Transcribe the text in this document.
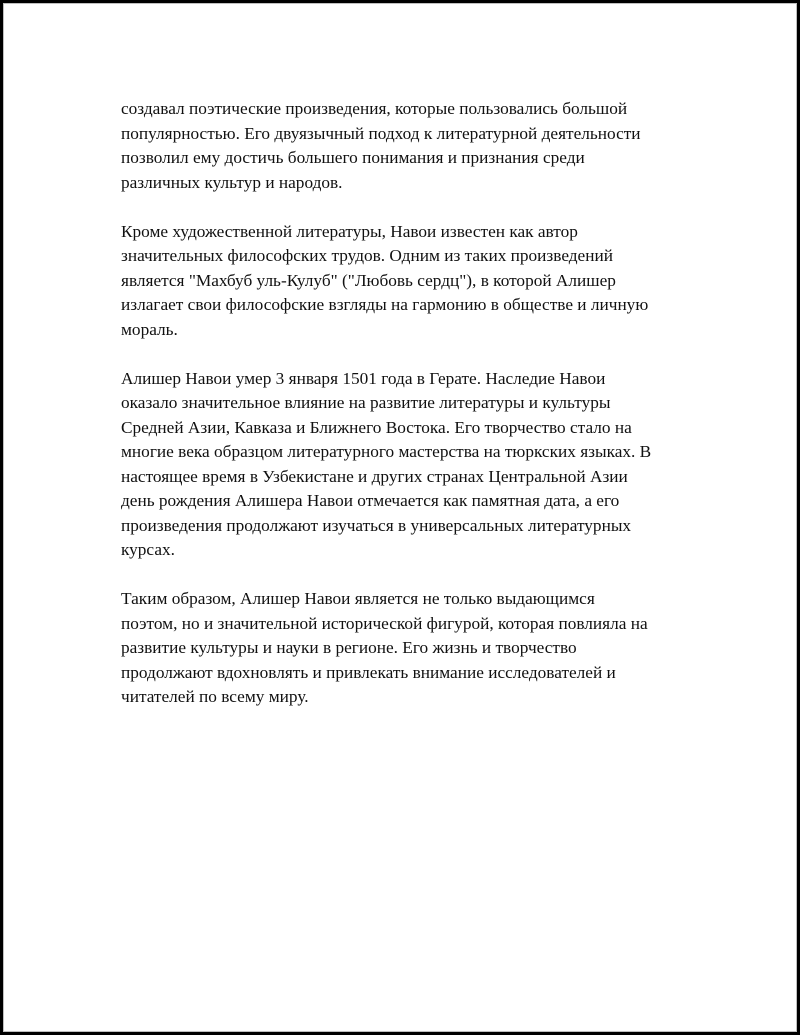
создавал поэтические произведения, которые пользовались большой
популярностью. Его двуязычный подход к литературной деятельности
позволил ему достичь большего понимания и признания среди
различных культур и народов.

Кроме художественной литературы, Навои известен как автор
значительных философских трудов. Одним из таких произведений
является "Махбуб уль-Кулуб" ("Любовь сердц"), в которой Алишер
излагает свои философские взгляды на гармонию в обществе и личную
мораль.

Алишер Навои умер 3 января 1501 года в Герате. Наследие Навои
оказало значительное влияние на развитие литературы и культуры
Средней Азии, Кавказа и Ближнего Востока. Его творчество стало на
многие века образцом литературного мастерства на тюркских языках. В
настоящее время в Узбекистане и других странах Центральной Азии
день рождения Алишера Навои отмечается как памятная дата, а его
произведения продолжают изучаться в универсальных литературных
курсах.

Таким образом, Алишер Навои является не только выдающимся
поэтом, но и значительной исторической фигурой, которая повлияла на
развитие культуры и науки в регионе. Его жизнь и творчество
продолжают вдохновлять и привлекать внимание исследователей и
читателей по всему миру.
